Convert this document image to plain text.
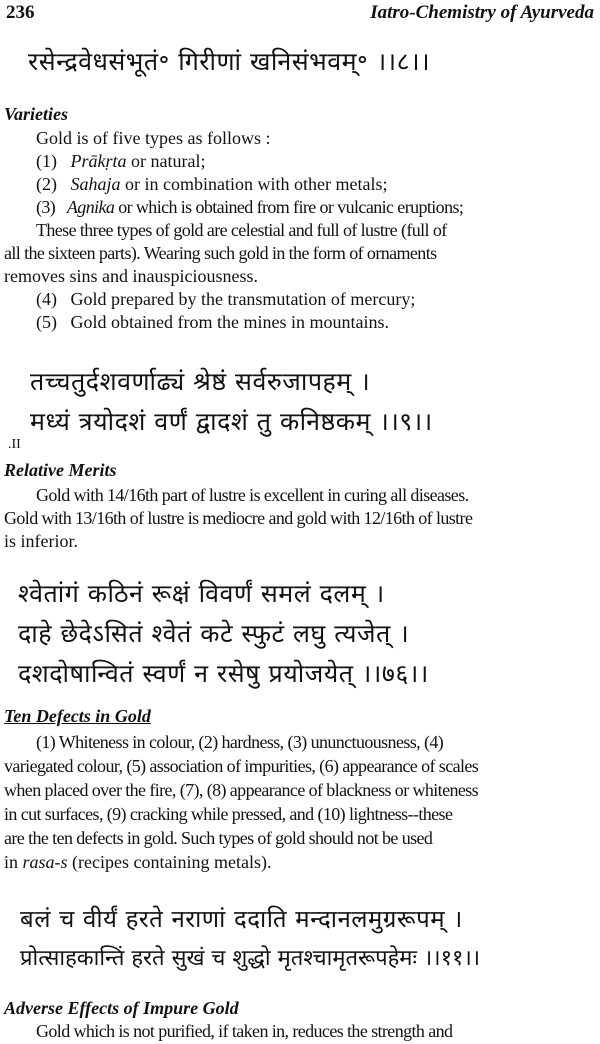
236	Iatro-Chemistry of Ayurveda
रसेन्द्रवेधसंभूतं॰ गिरीणां खनिसंभवम्॰ ।।८।।
Varieties
Gold is of five types as follows :
(1) Prākṛta or natural;
(2) Sahaja or in combination with other metals;
(3) Agnika or which is obtained from fire or vulcanic eruptions;
These three types of gold are celestial and full of lustre (full of
all the sixteen parts). Wearing such gold in the form of ornaments
removes sins and inauspiciousness.
(4) Gold prepared by the transmutation of mercury;
(5) Gold obtained from the mines in mountains.
तच्चतुर्दशवर्णाढ्यं श्रेष्ठं सर्वरुजापहम् ।
मध्यं त्रयोदशं वर्णं द्वादशं तु कनिष्ठकम् ।।९।।
.II
Relative Merits
Gold with 14/16th part of lustre is excellent in curing all diseases.
Gold with 13/16th of lustre is mediocre and gold with 12/16th of lustre
is inferior.
श्वेतांगं कठिनं रूक्षं विवर्णं समलं दलम् ।
दाहे छेदेऽसितं श्वेतं कटे स्फुटं लघु त्यजेत् ।
दशदोषान्वितं स्वर्णं न रसेषु प्रयोजयेत् ।।७६।।
Ten Defects in Gold
(1) Whiteness in colour, (2) hardness, (3) ununctuousness, (4)
variegated colour, (5) association of impurities, (6) appearance of scales
when placed over the fire, (7), (8) appearance of blackness or whiteness
in cut surfaces, (9) cracking while pressed, and (10) lightness--these
are the ten defects in gold. Such types of gold should not be used
in rasa-s (recipes containing metals).
बलं च वीर्यं हरते नराणां ददाति मन्दानलमुग्ररूपम् ।
प्रोत्साहकान्तिं हरते सुखं च शुद्धो मृतश्चामृतरूपहेमः ।।११।।
Adverse Effects of Impure Gold
Gold which is not purified, if taken in, reduces the strength and
